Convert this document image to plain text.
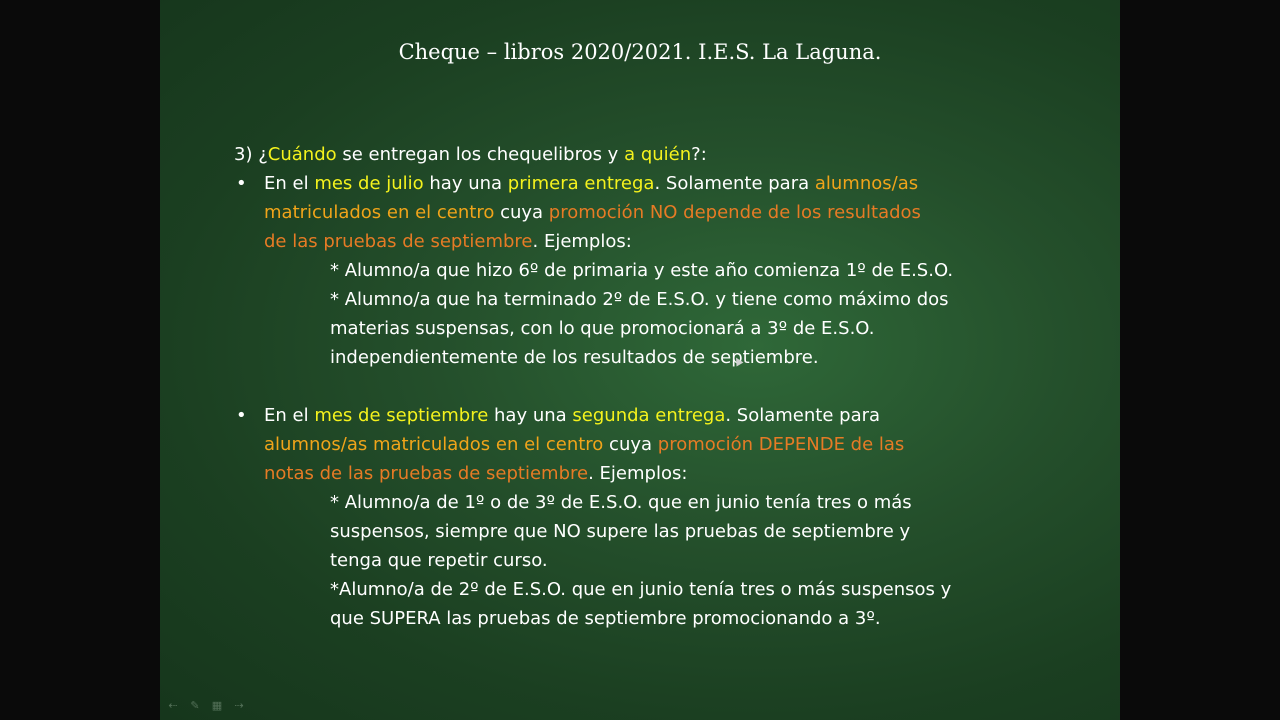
Cheque – libros 2020/2021. I.E.S. La Laguna.
3) ¿Cuándo se entregan los chequelibros y a quién?:
• En el mes de julio hay una primera entrega. Solamente para alumnos/as
matriculados en el centro cuya promoción NO depende de los resultados
de las pruebas de septiembre. Ejemplos:
* Alumno/a que hizo 6º de primaria y este año comienza 1º de E.S.O.
* Alumno/a que ha terminado 2º de E.S.O. y tiene como máximo dos
materias suspensas, con lo que promocionará a 3º de E.S.O.
independientemente de los resultados de septiembre.
• En el mes de septiembre hay una segunda entrega. Solamente para
alumnos/as matriculados en el centro cuya promoción DEPENDE de las
notas de las pruebas de septiembre. Ejemplos:
* Alumno/a de 1º o de 3º de E.S.O. que en junio tenía tres o más
suspensos, siempre que NO supere las pruebas de septiembre y
tenga que repetir curso.
*Alumno/a de 2º de E.S.O. que en junio tenía tres o más suspensos y
que SUPERA las pruebas de septiembre promocionando a 3º.
⇠ ✎ ▦ ⇢
